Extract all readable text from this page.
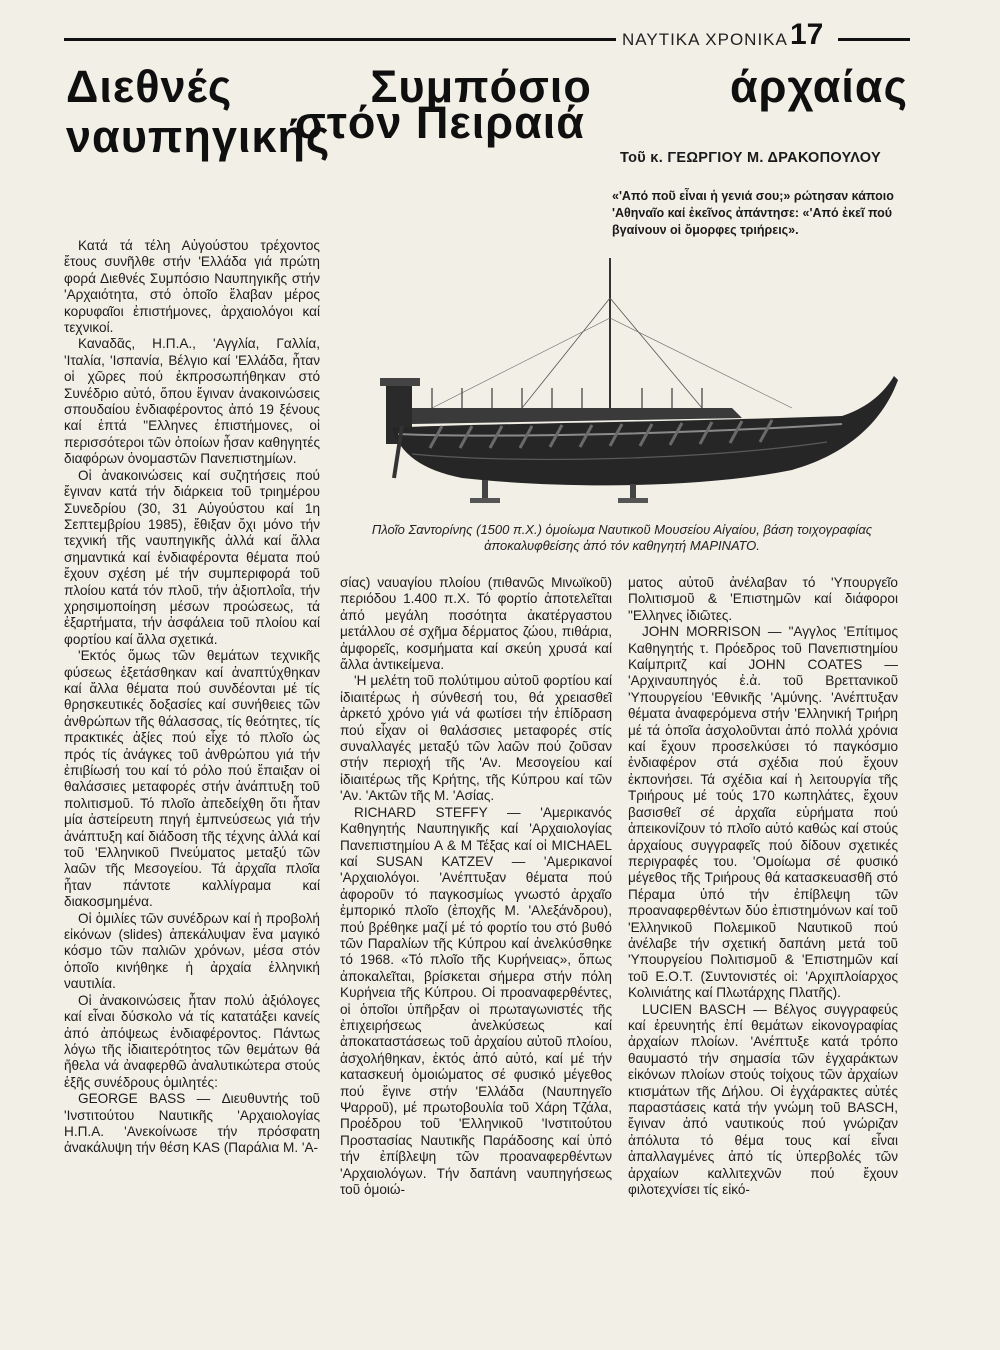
ΝΑΥΤΙΚΑ ΧΡΟΝΙΚΑ 17
Διεθνές Συμπόσιο άρχαίας ναυπηγικής
στόν Πειραιά
Τοῦ κ. ΓΕΩΡΓΙΟΥ Μ. ΔΡΑΚΟΠΟΥΛΟΥ
«'Από ποῦ εἶναι ἡ γενιά σου;» ρώτησαν κάποιο 'Αθηναῖο καί ἐκεῖνος ἀπάντησε: «'Από ἐκεῖ πού βγαίνουν οἱ ὄμορφες τριήρεις».
Πλοῖο Σαντορίνης (1500 π.Χ.) ὁμοίωμα Ναυτικοῦ Μουσείου Αἰγαίου, βάση τοιχογραφίας ἀποκαλυφθείσης ἀπό τόν καθηγητή ΜΑΡΙΝΑΤΟ.

Κατά τά τέλη Αὐγούστου τρέχοντος ἔτους συνῆλθε στήν 'Ελλάδα γιά πρώτη φορά Διεθνές Συμπόσιο Ναυπηγικῆς στήν 'Αρχαιότητα, στό ὁποῖο ἔλαβαν μέρος κορυφαῖοι ἐπιστήμονες, ἀρχαιολόγοι καί τεχνικοί.

Καναδᾶς, Η.Π.Α., 'Αγγλία, Γαλλία, 'Ιταλία, 'Ισπανία, Βέλγιο καί 'Ελλάδα, ἦταν οἱ χῶρες πού ἐκπροσωπήθηκαν στό Συνέδριο αὐτό, ὅπου ἔγιναν ἀνακοινώσεις σπουδαίου ἐνδιαφέροντος ἀπό 19 ξένους καί ἑπτά "Ελληνες ἐπιστήμονες, οἱ περισσότεροι τῶν ὁποίων ἦσαν καθηγητές διαφόρων ὀνομαστῶν Πανεπιστημίων.

Οἱ ἀνακοινώσεις καί συζητήσεις πού ἔγιναν κατά τήν διάρκεια τοῦ τριημέρου Συνεδρίου (30, 31 Αὐγούστου καί 1η Σεπτεμβρίου 1985), ἔθιξαν ὄχι μόνο τήν τεχνική τῆς ναυπηγικῆς ἀλλά καί ἄλλα σημαντικά καί ἐνδιαφέροντα θέματα πού ἔχουν σχέση μέ τήν συμπεριφορά τοῦ πλοίου κατά τόν πλοῦ, τήν ἀξιοπλοΐα, τήν χρησιμοποίηση μέσων προώσεως, τά ἐξαρτήματα, τήν ἀσφάλεια τοῦ πλοίου καί φορτίου καί ἄλλα σχετικά.

'Εκτός ὅμως τῶν θεμάτων τεχνικῆς φύσεως ἐξετάσθηκαν καί ἀναπτύχθηκαν καί ἄλλα θέματα πού συνδέονται μέ τίς θρησκευτικές δοξασίες καί συνήθειες τῶν ἀνθρώπων τῆς θάλασσας, τίς θεότητες, τίς πρακτικές ἀξίες πού εἶχε τό πλοῖο ὡς πρός τίς ἀνάγκες τοῦ ἀνθρώπου γιά τήν ἐπιβίωσή του καί τό ρόλο πού ἔπαιξαν οἱ θαλάσσιες μεταφορές στήν ἀνάπτυξη τοῦ πολιτισμοῦ. Τό πλοῖο ἀπεδείχθη ὅτι ἦταν μία ἀστείρευτη πηγή ἐμπνεύσεως γιά τήν ἀνάπτυξη καί διάδοση τῆς τέχνης ἀλλά καί τοῦ 'Ελληνικοῦ Πνεύματος μεταξύ τῶν λαῶν τῆς Μεσογείου. Τά ἀρχαῖα πλοῖα ἦταν πάντοτε καλλίγραμα καί διακοσμημένα.

Οἱ ὁμιλίες τῶν συνέδρων καί ἡ προβολή εἰκόνων (slides) ἀπεκάλυψαν ἕνα μαγικό κόσμο τῶν παλιῶν χρόνων, μέσα στόν ὁποῖο κινήθηκε ἡ ἀρχαία ἑλληνική ναυτιλία.

Οἱ ἀνακοινώσεις ἦταν πολύ ἀξιόλογες καί εἶναι δύσκολο νά τίς κατατάξει κανείς ἀπό ἀπόψεως ἐνδιαφέροντος. Πάντως λόγω τῆς ἰδιαιτερότητος τῶν θεμάτων θά ἤθελα νά ἀναφερθῶ ἀναλυτικώτερα στούς ἑξῆς συνέδρους ὁμιλητές:

GEORGE BASS — Διευθυντής τοῦ 'Ινστιτούτου Ναυτικῆς 'Αρχαιολογίας Η.Π.Α. 'Ανεκοίνωσε τήν πρόσφατη ἀνακάλυψη τήν θέση KAS (Παράλια Μ. 'Α-

σίας) ναυαγίου πλοίου (πιθανῶς Μινωϊκοῦ) περιόδου 1.400 π.Χ. Τό φορτίο ἀποτελεῖται ἀπό μεγάλη ποσότητα ἀκατέργαστου μετάλλου σέ σχῆμα δέρματος ζώου, πιθάρια, ἀμφορεῖς, κοσμήματα καί σκεύη χρυσά καί ἄλλα ἀντικείμενα.

'Η μελέτη τοῦ πολύτιμου αὐτοῦ φορτίου καί ἰδιαιτέρως ἡ σύνθεσή του, θά χρειασθεῖ ἀρκετό χρόνο γιά νά φωτίσει τήν ἐπίδραση πού εἶχαν οἱ θαλάσσιες μεταφορές στίς συναλλαγές μεταξύ τῶν λαῶν πού ζοῦσαν στήν περιοχή τῆς 'Αν. Μεσογείου καί ἰδιαιτέρως τῆς Κρήτης, τῆς Κύπρου καί τῶν 'Αν. 'Ακτῶν τῆς Μ. 'Ασίας.

RICHARD STEFFY — 'Αμερικανός Καθηγητής Ναυπηγικῆς καί 'Αρχαιολογίας Πανεπιστημίου Α & Μ Τέξας καί οἱ MICHAEL καί SUSAN KATZEV — 'Αμερικανοί 'Αρχαιολόγοι. 'Ανέπτυξαν θέματα πού ἀφοροῦν τό παγκοσμίως γνωστό ἀρχαῖο ἐμπορικό πλοῖο (ἐποχῆς Μ. 'Αλεξάνδρου), πού βρέθηκε μαζί μέ τό φορτίο του στό βυθό τῶν Παραλίων τῆς Κύπρου καί ἀνελκύσθηκε τό 1968. «Τό πλοῖο τῆς Κυρήνειας», ὅπως ἀποκαλεῖται, βρίσκεται σήμερα στήν πόλη Κυρήνεια τῆς Κύπρου. Οἱ προαναφερθέντες, οἱ ὁποῖοι ὑπῆρξαν οἱ πρωταγωνιστές τῆς ἐπιχειρήσεως ἀνελκύσεως καί ἀποκαταστάσεως τοῦ ἀρχαίου αὐτοῦ πλοίου, ἀσχολήθηκαν, ἐκτός ἀπό αὐτό, καί μέ τήν κατασκευή ὁμοιώματος σέ φυσικό μέγεθος πού ἔγινε στήν 'Ελλάδα (Ναυπηγεῖο Ψαρροῦ), μέ πρωτοβουλία τοῦ Χάρη Τζάλα, Προέδρου τοῦ 'Ελληνικοῦ 'Ινστιτούτου Προστασίας Ναυτικῆς Παράδοσης καί ὑπό τήν ἐπίβλεψη τῶν προαναφερθέντων 'Αρχαιολόγων. Τήν δαπάνη ναυπηγήσεως τοῦ ὁμοιώ-

ματος αὐτοῦ ἀνέλαβαν τό 'Υπουργεῖο Πολιτισμοῦ & 'Επιστημῶν καί διάφοροι "Ελληνες ἰδιῶτες.

JOHN MORRISON — "Αγγλος 'Επίτιμος Καθηγητής τ. Πρόεδρος τοῦ Πανεπιστημίου Καίμπριτζ καί JOHN COATES — 'Αρχιναυπηγός ἐ.ἀ. τοῦ Βρεττανικοῦ 'Υπουργείου 'Εθνικῆς 'Αμύνης. 'Ανέπτυξαν θέματα ἀναφερόμενα στήν 'Ελληνική Τριήρη μέ τά ὁποῖα ἀσχολοῦνται ἀπό πολλά χρόνια καί ἔχουν προσελκύσει τό παγκόσμιο ἐνδιαφέρον στά σχέδια πού ἔχουν ἐκπονήσει. Τά σχέδια καί ἡ λειτουργία τῆς Τριήρους μέ τούς 170 κωπηλάτες, ἔχουν βασισθεῖ σέ ἀρχαῖα εὑρήματα πού ἀπεικονίζουν τό πλοῖο αὐτό καθώς καί στούς ἀρχαίους συγγραφεῖς πού δίδουν σχετικές περιγραφές του. 'Ομοίωμα σέ φυσικό μέγεθος τῆς Τριήρους θά κατασκευασθῆ στό Πέραμα ὑπό τήν ἐπίβλεψη τῶν προαναφερθέντων δύο ἐπιστημόνων καί τοῦ 'Ελληνικοῦ Πολεμικοῦ Ναυτικοῦ πού ἀνέλαβε τήν σχετική δαπάνη μετά τοῦ 'Υπουργείου Πολιτισμοῦ & 'Επιστημῶν καί τοῦ Ε.Ο.Τ. (Συντονιστές οἱ: 'Αρχιπλοίαρχος Κολινιάτης καί Πλωτάρχης Πλατῆς).

LUCIEN BASCH — Βέλγος συγγραφεύς καί ἐρευνητής ἐπί θεμάτων εἰκονογραφίας ἀρχαίων πλοίων. 'Ανέπτυξε κατά τρόπο θαυμαστό τήν σημασία τῶν ἐγχαράκτων εἰκόνων πλοίων στούς τοίχους τῶν ἀρχαίων κτισμάτων τῆς Δήλου. Οἱ ἐγχάρακτες αὐτές παραστάσεις κατά τήν γνώμη τοῦ BASCH, ἔγιναν ἀπό ναυτικούς πού γνώριζαν ἀπόλυτα τό θέμα τους καί εἶναι ἀπαλλαγμένες ἀπό τίς ὑπερβολές τῶν ἀρχαίων καλλιτεχνῶν πού ἔχουν φιλοτεχνίσει τίς εἰκό-
